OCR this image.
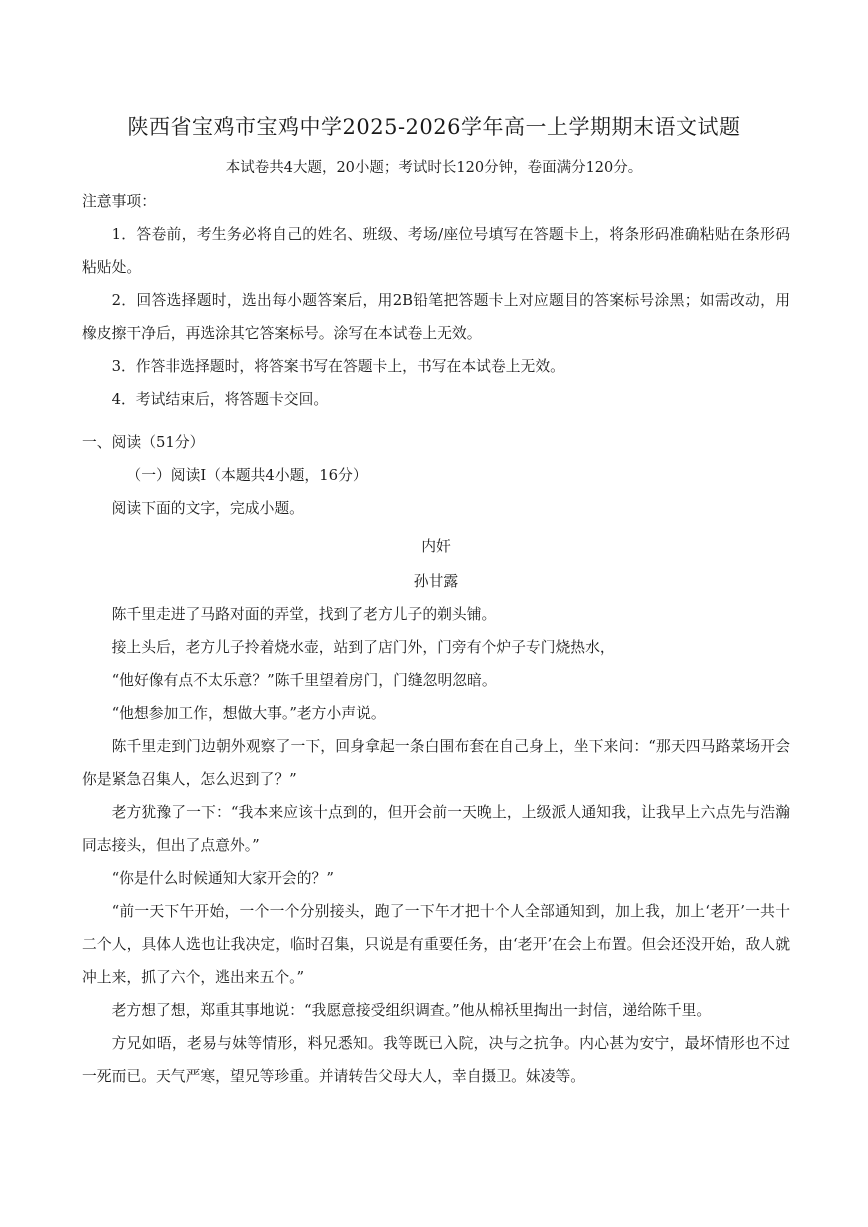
陕西省宝鸡市宝鸡中学2025-2026学年高一上学期期末语文试题
本试卷共4大题，20小题；考试时长120分钟，卷面满分120分。

注意事项：

1．答卷前，考生务必将自己的姓名、班级、考场/座位号填写在答题卡上，将条形码准确粘贴在条形码粘贴处。

2．回答选择题时，选出每小题答案后，用2B铅笔把答题卡上对应题目的答案标号涂黑；如需改动，用橡皮擦干净后，再选涂其它答案标号。涂写在本试卷上无效。

3．作答非选择题时，将答案书写在答题卡上，书写在本试卷上无效。

4．考试结束后，将答题卡交回。

一、阅读（51分）

（一）阅读Ⅰ（本题共4小题，16分）

阅读下面的文字，完成小题。

内奸

孙甘露

陈千里走进了马路对面的弄堂，找到了老方儿子的剃头铺。

接上头后，老方儿子拎着烧水壶，站到了店门外，门旁有个炉子专门烧热水，

“他好像有点不太乐意？”陈千里望着房门，门缝忽明忽暗。

“他想参加工作，想做大事。”老方小声说。

陈千里走到门边朝外观察了一下，回身拿起一条白围布套在自己身上，坐下来问：“那天四马路菜场开会你是紧急召集人，怎么迟到了？”

老方犹豫了一下：“我本来应该十点到的，但开会前一天晚上，上级派人通知我，让我早上六点先与浩瀚同志接头，但出了点意外。”

“你是什么时候通知大家开会的？”

“前一天下午开始，一个一个分别接头，跑了一下午才把十个人全部通知到，加上我，加上‘老开’一共十二个人，具体人选也让我决定，临时召集，只说是有重要任务，由‘老开’在会上布置。但会还没开始，敌人就冲上来，抓了六个，逃出来五个。”

老方想了想，郑重其事地说：“我愿意接受组织调查。”他从棉袄里掏出一封信，递给陈千里。

方兄如晤，老易与妹等情形，料兄悉知。我等既已入院，决与之抗争。内心甚为安宁，最坏情形也不过一死而已。天气严寒，望兄等珍重。并请转告父母大人，幸自摄卫。妹凌等。
